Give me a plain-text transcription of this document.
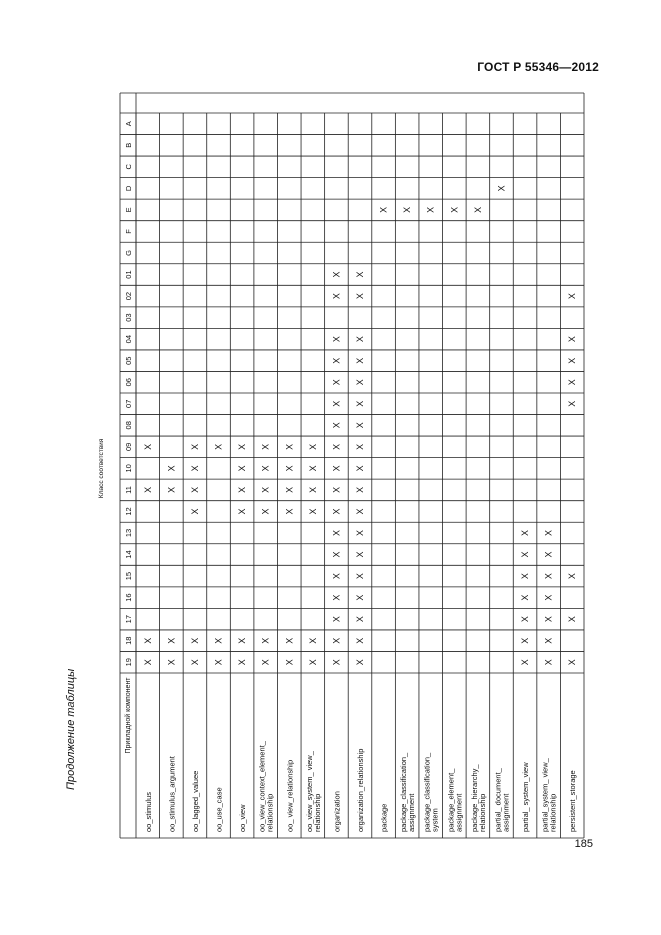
ГОСТ Р 55346—2012
Продолжение таблицы
185
A
B
C
D
E
F
G
01
02
03
04
05
06
07
08
09
10
11
12
13
14
15
16
17
18
19
Класс соответствия
Прикладной компонент
oo_stimulus
X
X
X
X
oo_stimulus_argument
X
X
X
X
oo_lagged_valuee
X
X
X
X
X
X
oo_use_case
X
X
X
oo_view
X
X
X
X
X
X
oo_view_context_element_ relationship
X
X
X
X
X
X
oo_ view_relationship
X
X
X
X
X
X
oo_view_system_ view_ relationship
X
X
X
X
X
X
organization
X
X
X
X
X
X
X
X
X
X
X
X
X
X
X
X
X
X
organization_relationship
X
X
X
X
X
X
X
X
X
X
X
X
X
X
X
X
X
X
package
X
package_classification_ assignment
X
package_classification_ system
X
package_element_ assignment
X
package_hierarchy_ relationship
X
partial_ document_ assignment
X
partial_ system_view
X
X
X
X
X
X
X
partial_system_ view_ relationship
X
X
X
X
X
X
X
persistent_storage
X
X
X
X
X
X
X
X
